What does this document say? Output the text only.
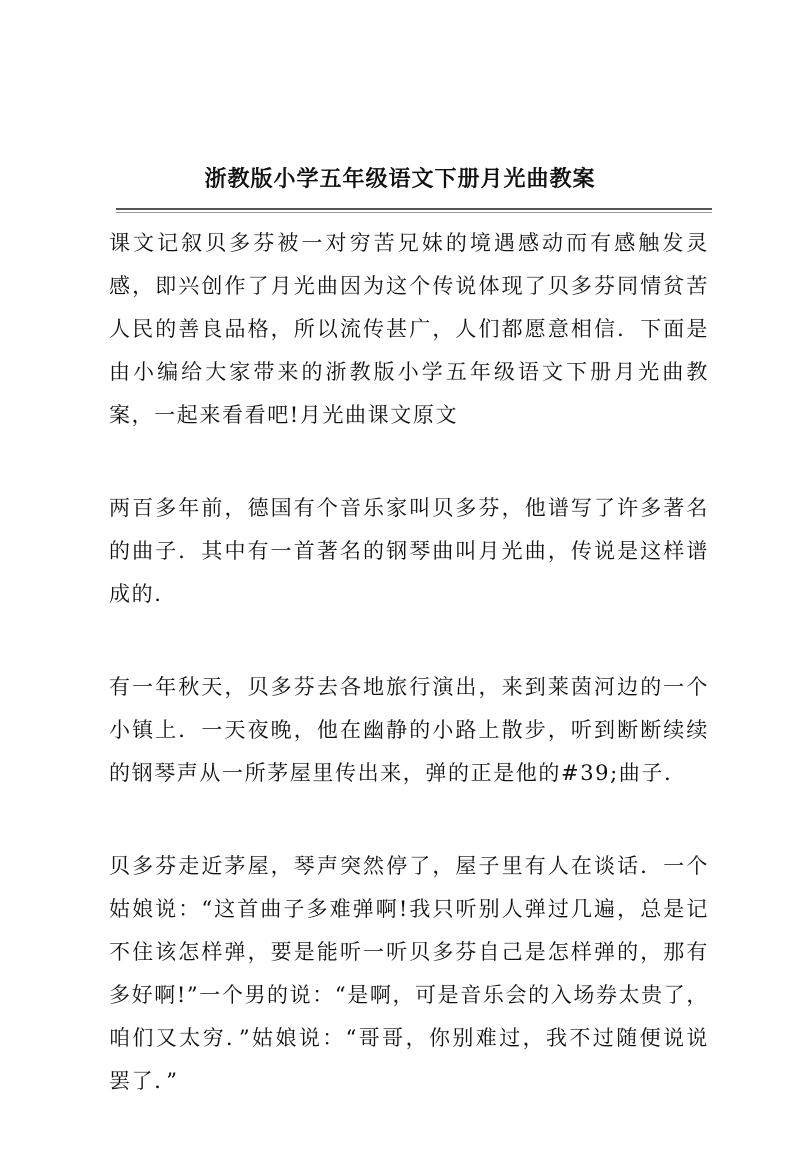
浙教版小学五年级语文下册月光曲教案

课文记叙贝多芬被一对穷苦兄妹的境遇感动而有感触发灵感，即兴创作了月光曲因为这个传说体现了贝多芬同情贫苦人民的善良品格，所以流传甚广，人们都愿意相信．下面是由小编给大家带来的浙教版小学五年级语文下册月光曲教案，一起来看看吧!月光曲课文原文

两百多年前，德国有个音乐家叫贝多芬，他谱写了许多著名的曲子．其中有一首著名的钢琴曲叫月光曲，传说是这样谱成的.

有一年秋天，贝多芬去各地旅行演出，来到莱茵河边的一个小镇上．一天夜晚，他在幽静的小路上散步，听到断断续续的钢琴声从一所茅屋里传出来，弹的正是他的#39;曲子.

贝多芬走近茅屋，琴声突然停了，屋子里有人在谈话．一个姑娘说：“这首曲子多难弹啊!我只听别人弹过几遍，总是记不住该怎样弹，要是能听一听贝多芬自己是怎样弹的，那有多好啊!”一个男的说：“是啊，可是音乐会的入场券太贵了，咱们又太穷．”姑娘说：“哥哥，你别难过，我不过随便说说罢了．”
